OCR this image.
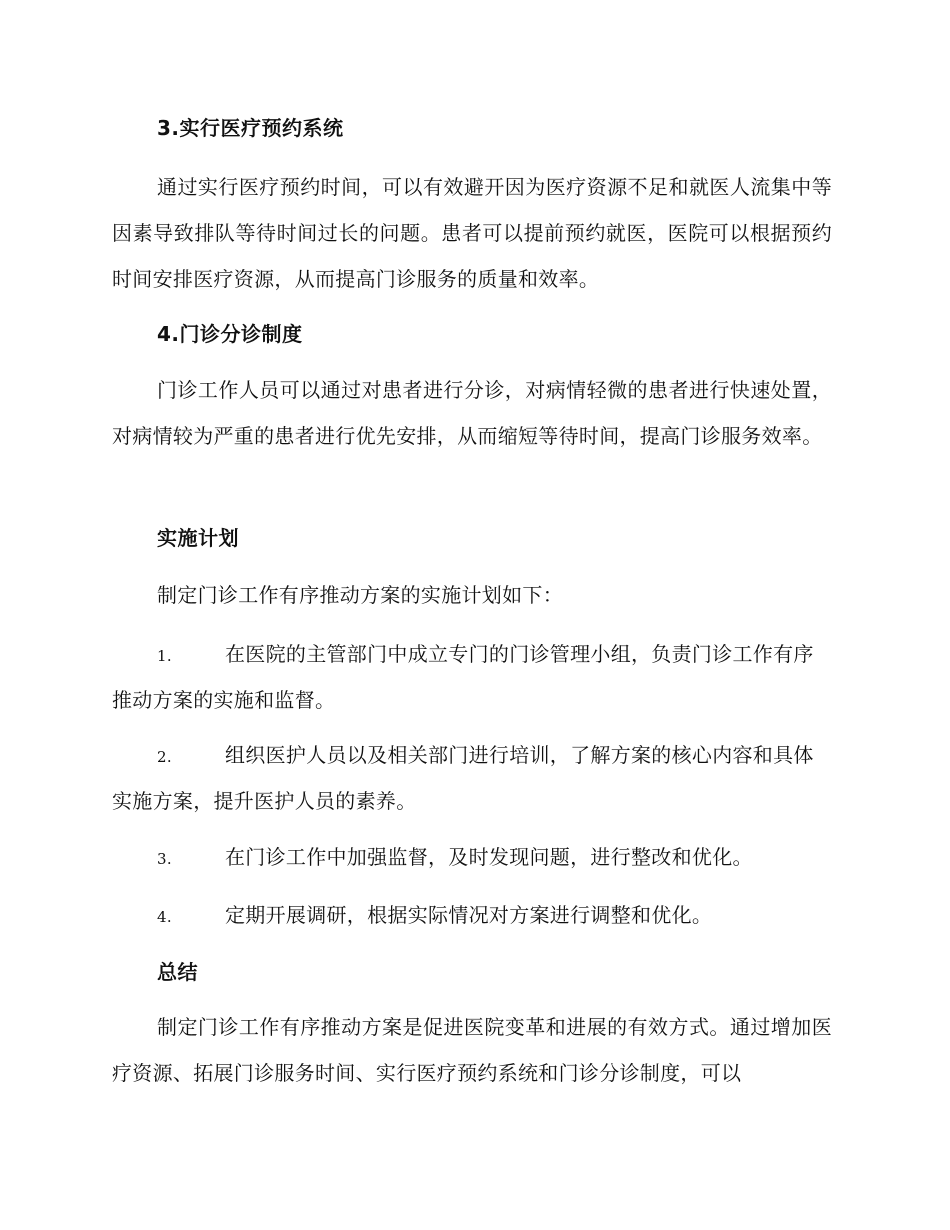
3.实行医疗预约系统
通过实行医疗预约时间，可以有效避开因为医疗资源不足和就医人流集中等因素导致排队等待时间过长的问题。患者可以提前预约就医，医院可以根据预约时间安排医疗资源，从而提高门诊服务的质量和效率。
4.门诊分诊制度
门诊工作人员可以通过对患者进行分诊，对病情轻微的患者进行快速处置，对病情较为严重的患者进行优先安排，从而缩短等待时间，提高门诊服务效率。
实施计划
制定门诊工作有序推动方案的实施计划如下：
1.	在医院的主管部门中成立专门的门诊管理小组，负责门诊工作有序推动方案的实施和监督。
2.	组织医护人员以及相关部门进行培训，了解方案的核心内容和具体实施方案，提升医护人员的素养。
3.	在门诊工作中加强监督，及时发现问题，进行整改和优化。
4.	定期开展调研，根据实际情况对方案进行调整和优化。
总结
制定门诊工作有序推动方案是促进医院变革和进展的有效方式。通过增加医疗资源、拓展门诊服务时间、实行医疗预约系统和门诊分诊制度，可以
